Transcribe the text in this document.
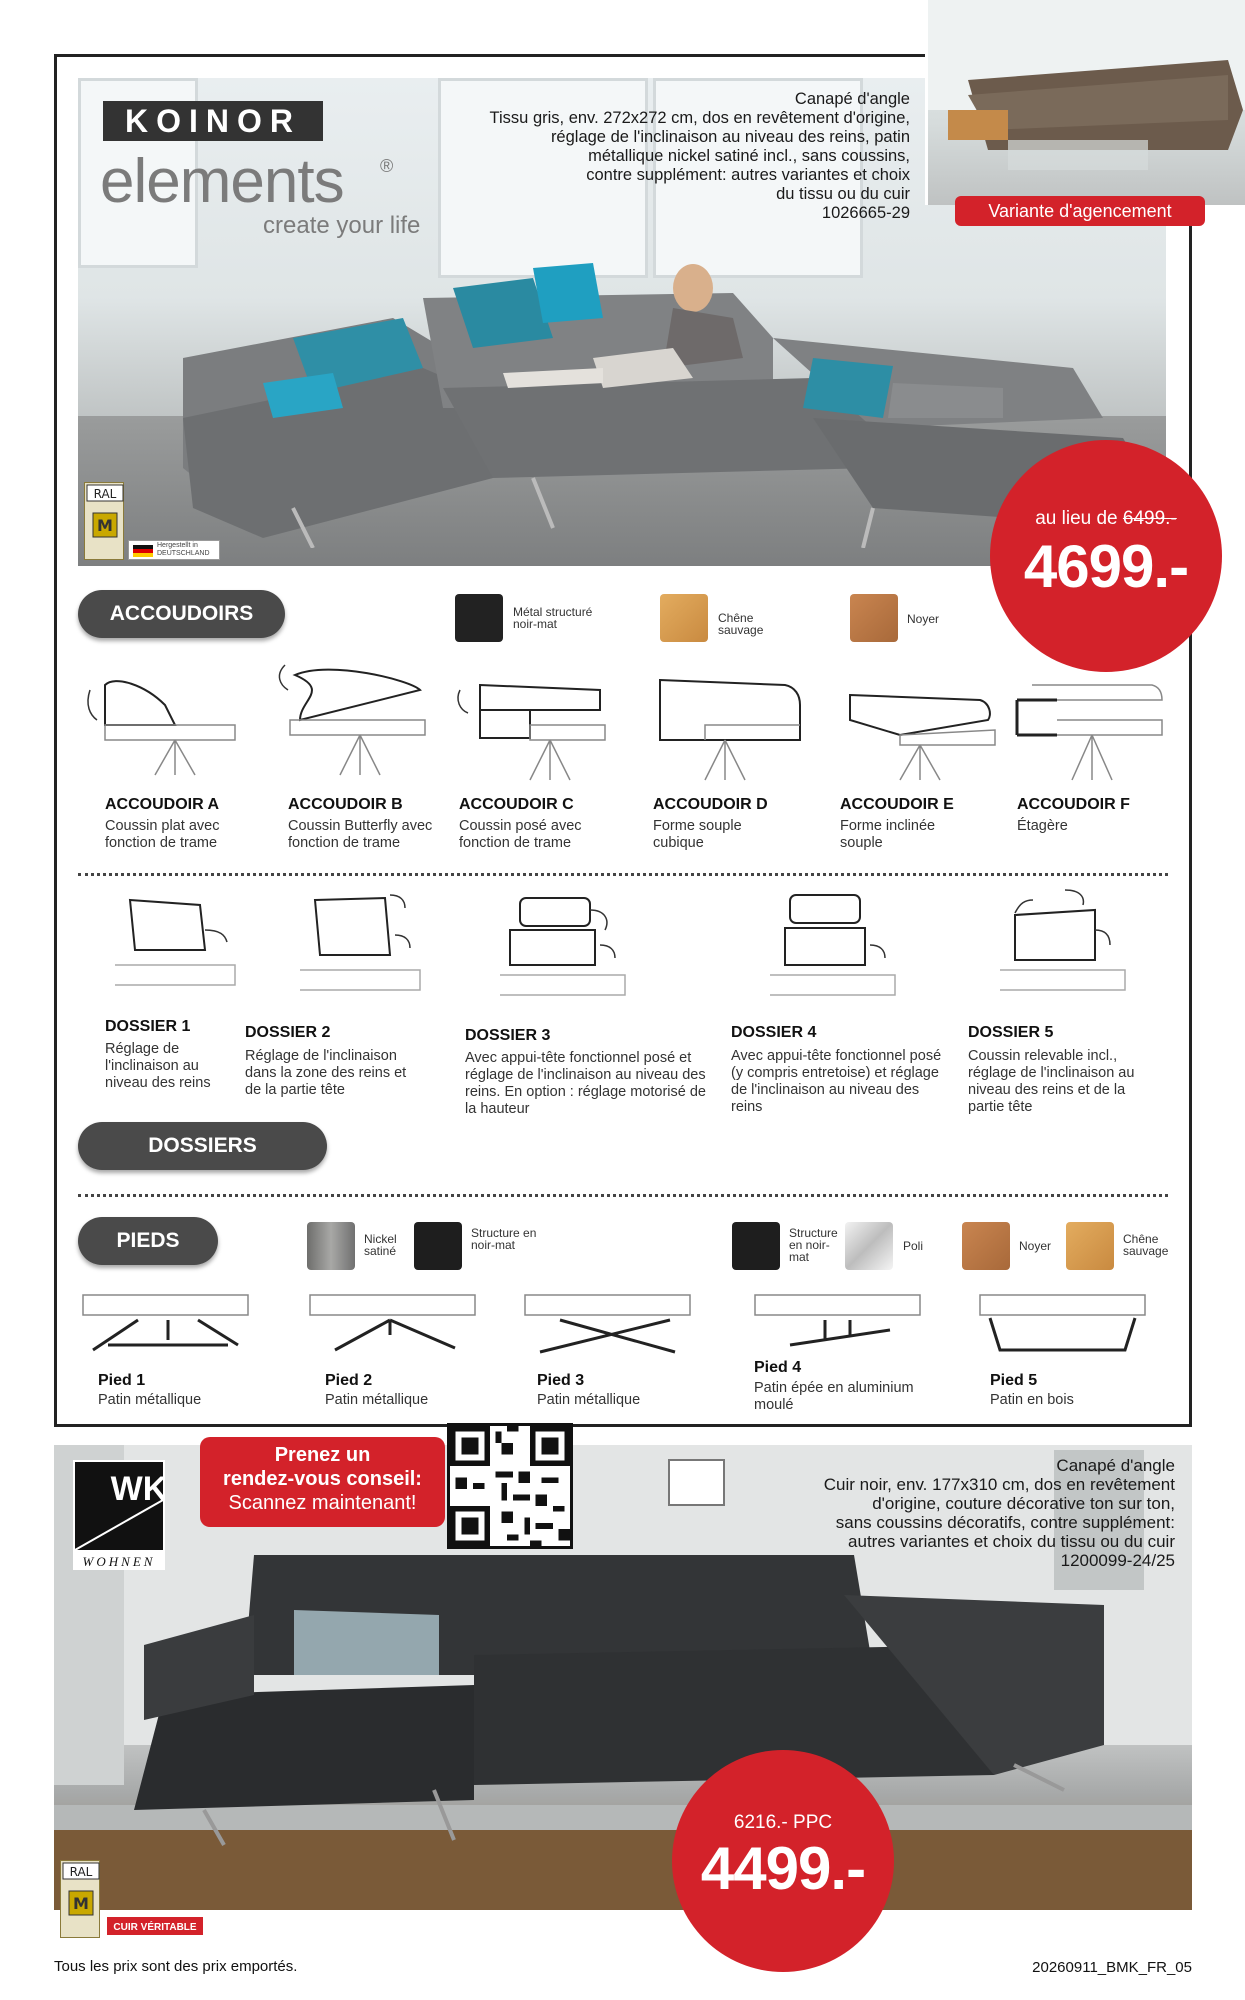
KOINOR
elements ®
create your life
Canapé d'angle
Tissu gris, env. 272x272 cm, dos en revêtement d'origine,
réglage de l'inclinaison au niveau des reins, patin
métallique nickel satiné incl., sans coussins,
contre supplément: autres variantes et choix
du tissu ou du cuir
1026665-29	Variante d'agencement
au lieu de 6499.-
4699.-
RAL
M
Hergestellt in DEUTSCHLAND
ACCOUDOIRS	Métal structuré noir-mat	Chêne sauvage
Noyer
ACCOUDOIR A
Coussin plat avec fonction de trame
ACCOUDOIR B
Coussin Butterfly avec fonction de trame
ACCOUDOIR C
Coussin posé avec fonction de trame
ACCOUDOIR D
Forme souple cubique
ACCOUDOIR E
Forme inclinée souple
ACCOUDOIR F
Étagère
DOSSIER 1
Réglage de l'inclinaison au niveau des reins
DOSSIER 2
Réglage de l'inclinaison dans la zone des reins et de la partie tête
DOSSIER 3
Avec appui-tête fonctionnel posé et réglage de l'inclinaison au niveau des reins. En option : réglage motorisé de la hauteur
DOSSIER 4
Avec appui-tête fonctionnel posé (y compris entretoise) et réglage de l'inclinaison au niveau des reins
DOSSIER 5
Coussin relevable incl., réglage de l'inclinaison au niveau des reins et de la partie tête
DOSSIERS
PIEDS	Nickel satiné
Structure en noir-mat
Structure en noir-mat
Poli	Noyer	Chêne sauvage
Pied 1
Patin métallique
Pied 2
Patin métallique
Pied 3
Patin métallique
Pied 4
Patin épée en aluminium moulé
Pied 5
Patin en bois
WK
WOHNEN
Prenez un
rendez-vous conseil:
Scannez maintenant!
Canapé d'angle
Cuir noir, env. 177x310 cm, dos en revêtement
d'origine, couture décorative ton sur ton,
sans coussins décoratifs, contre supplément:
autres variantes et choix du tissu ou du cuir
1200099-24/25
6216.- PPC
4499.-
RAL
M
CUIR VÉRITABLE
Tous les prix sont des prix emportés.	20260911_BMK_FR_05
